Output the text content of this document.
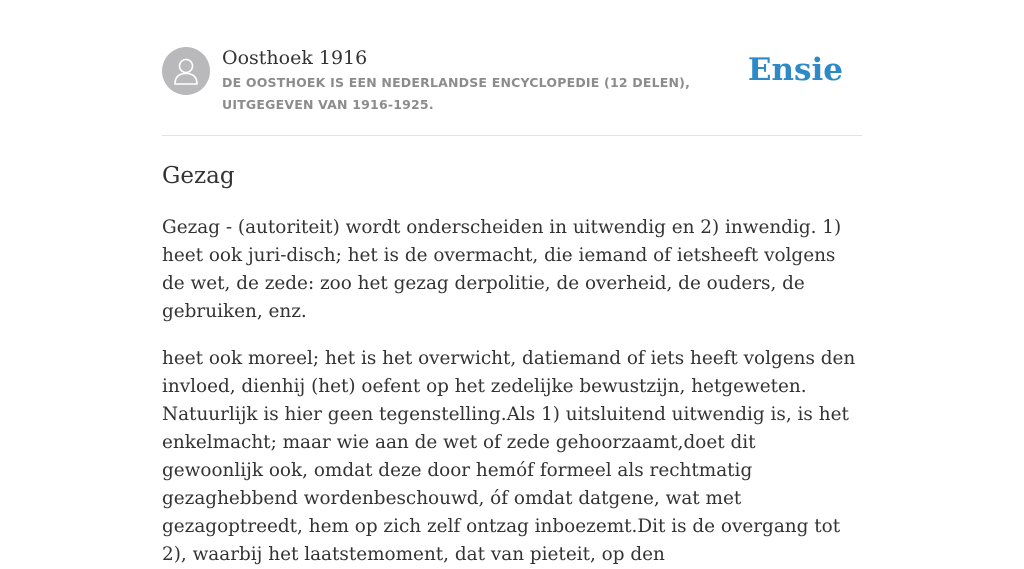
Oosthoek 1916
DE OOSTHOEK IS EEN NEDERLANDSE ENCYCLOPEDIE (12 DELEN), UITGEGEVEN VAN 1916-1925.
Ensie
Gezag

Gezag - (autoriteit) wordt onderscheiden in uitwendig en 2) inwendig. 1) heet ook juri-disch; het is de overmacht, die iemand of ietsheeft volgens de wet, de zede: zoo het gezag derpolitie, de overheid, de ouders, de gebruiken, enz.

heet ook moreel; het is het overwicht, datiemand of iets heeft volgens den invloed, dienhij (het) oefent op het zedelijke bewustzijn, hetgeweten. Natuurlijk is hier geen tegenstelling.Als 1) uitsluitend uitwendig is, is het enkelmacht; maar wie aan de wet of zede gehoorzaamt,doet dit gewoonlijk ook, omdat deze door hemóf formeel als rechtmatig gezaghebbend wordenbeschouwd, óf omdat datgene, wat met gezagoptreedt, hem op zich zelf ontzag inboezemt.Dit is de overgang tot 2), waarbij het laatstemoment, dat van pieteit, op den
